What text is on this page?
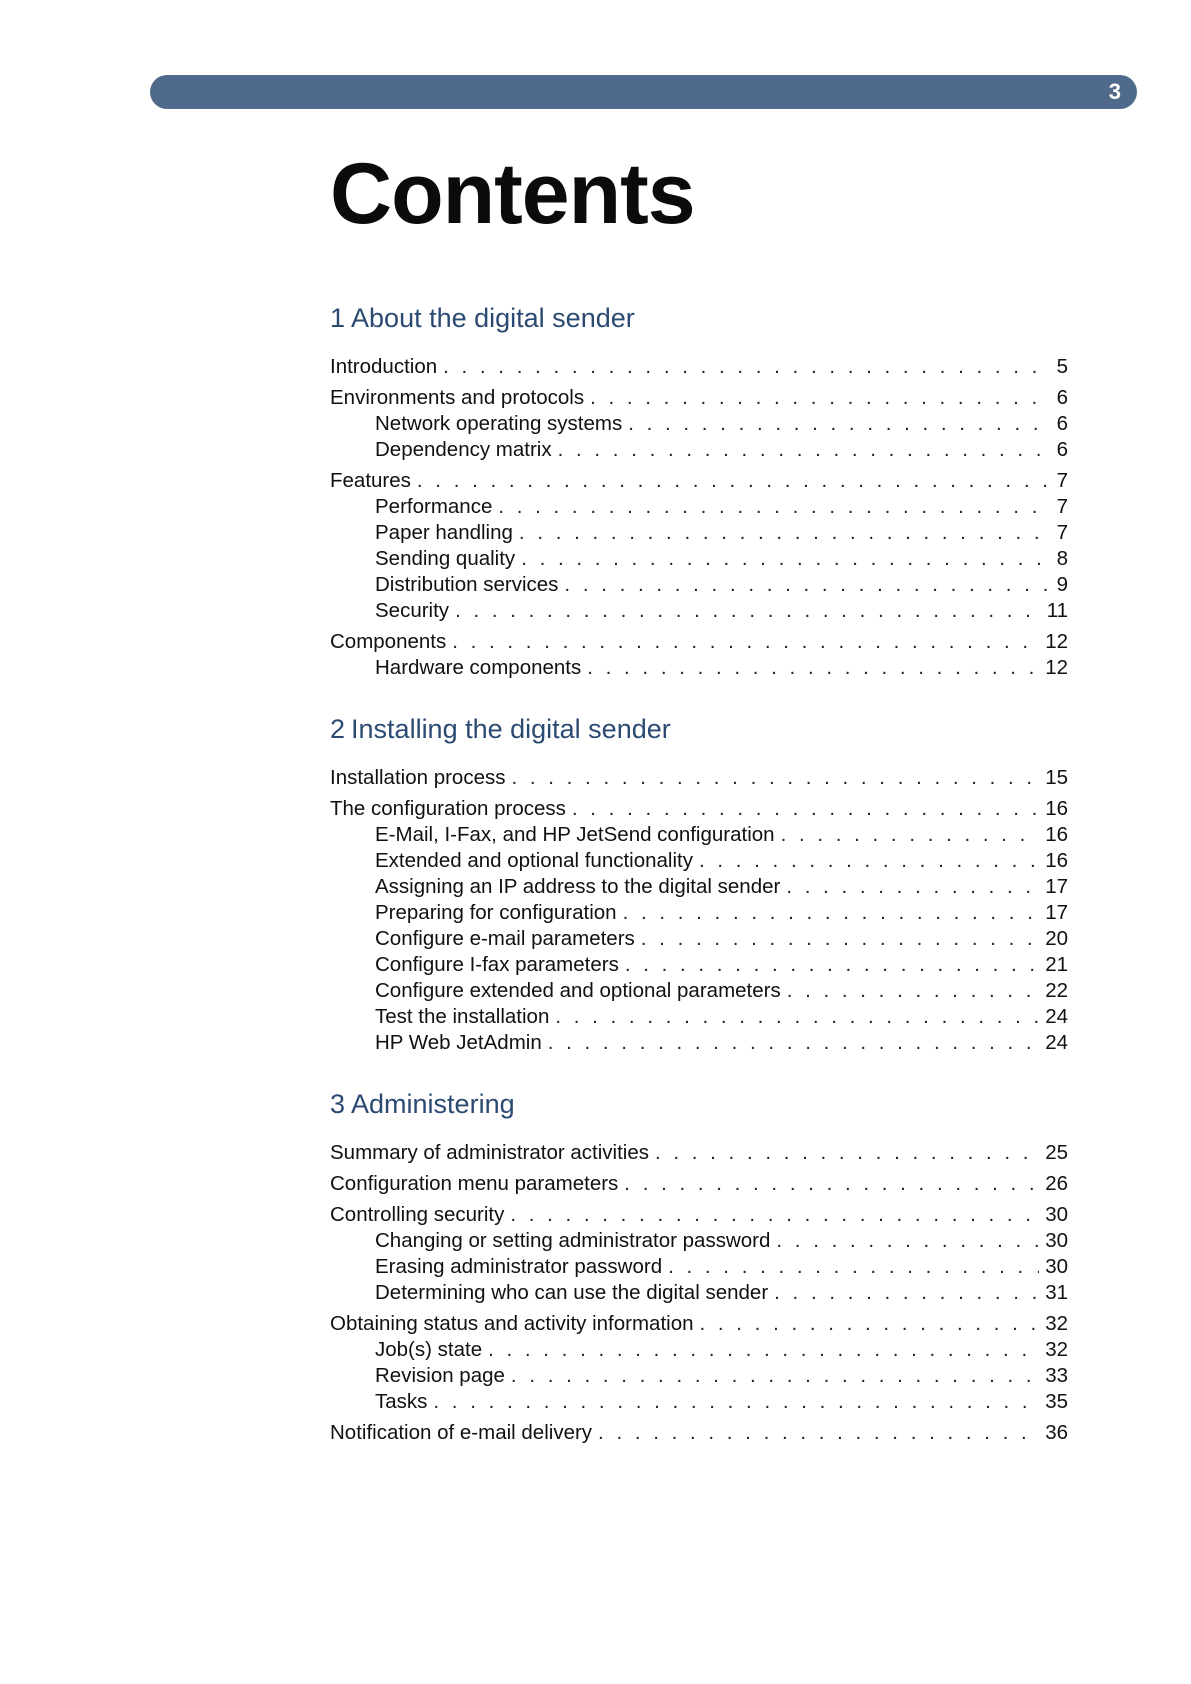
3
Contents
1 About the digital sender
Introduction . . .	5
Environments and protocols . . .	6
Network operating systems . . .	6
Dependency matrix . . .	6
Features . . .	7
Performance . . .	7
Paper handling . . .	7
Sending quality . . .	8
Distribution services . . .	9
Security . . .	11
Components . . .	12
Hardware components . . .	12
2 Installing the digital sender
Installation process . . .	15
The configuration process . . .	16
E-Mail, I-Fax, and HP JetSend configuration . . .	16
Extended and optional functionality . . .	16
Assigning an IP address to the digital sender . . .	17
Preparing for configuration . . .	17
Configure e-mail parameters . . .	20
Configure I-fax parameters . . .	21
Configure extended and optional parameters . . .	22
Test the installation . . .	24
HP Web JetAdmin . . .	24
3 Administering
Summary of administrator activities . . .	25
Configuration menu parameters . . .	26
Controlling security . . .	30
Changing or setting administrator password . . .	30
Erasing administrator password . . .	30
Determining who can use the digital sender . . .	31
Obtaining status and activity information . . .	32
Job(s) state . . .	32
Revision page . . .	33
Tasks . . .	35
Notification of e-mail delivery . . .	36
